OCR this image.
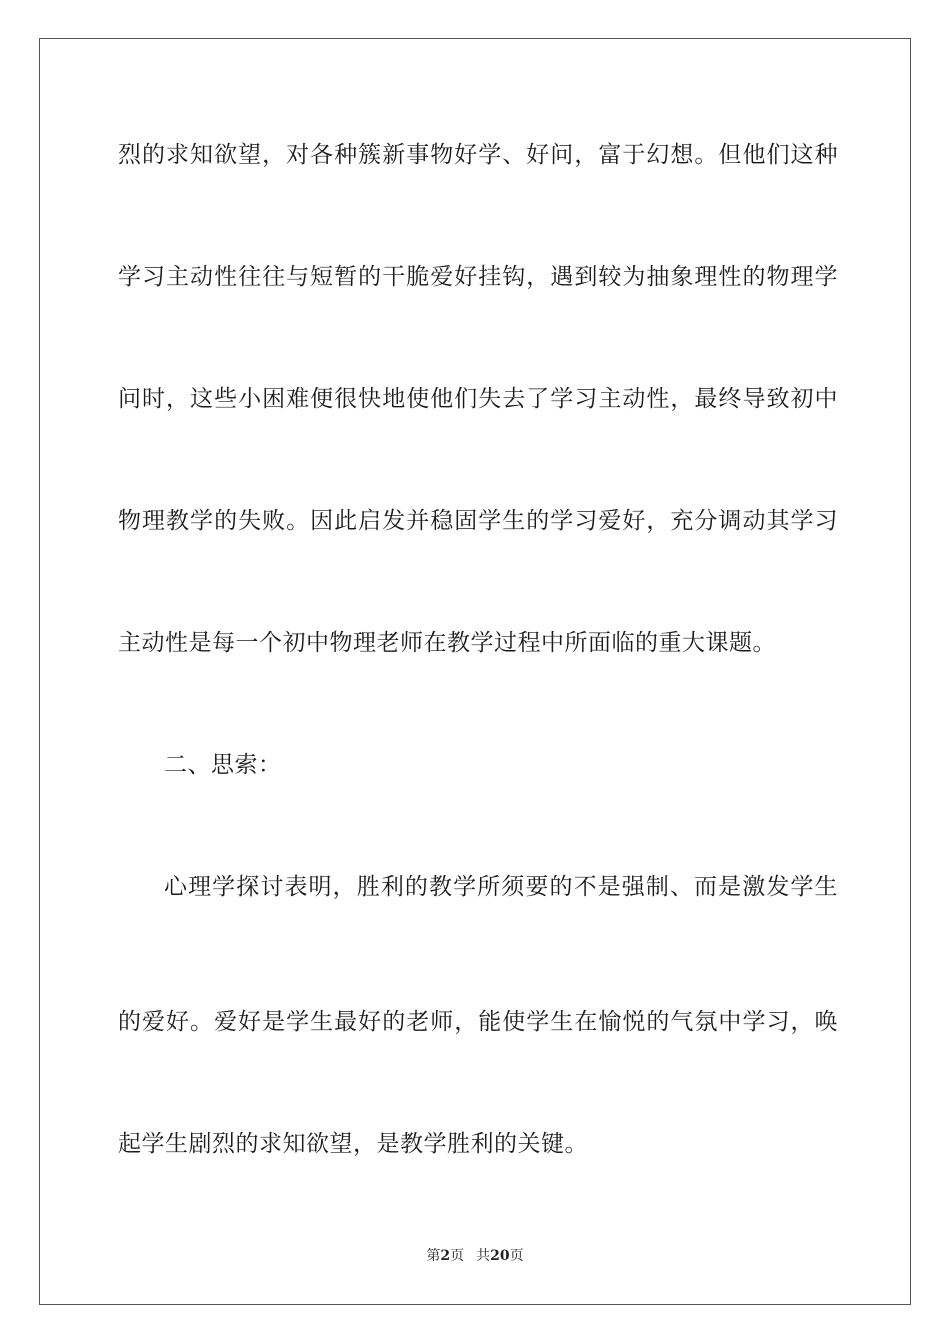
烈的求知欲望，对各种簇新事物好学、好问，富于幻想。但他们这种
学习主动性往往与短暂的干脆爱好挂钩，遇到较为抽象理性的物理学
问时，这些小困难便很快地使他们失去了学习主动性，最终导致初中
物理教学的失败。因此启发并稳固学生的学习爱好，充分调动其学习
主动性是每一个初中物理老师在教学过程中所面临的重大课题。
二、思索：
心理学探讨表明，胜利的教学所须要的不是强制、而是激发学生
的爱好。爱好是学生最好的老师，能使学生在愉悦的气氛中学习，唤
起学生剧烈的求知欲望，是教学胜利的关键。
第2页 共20页
